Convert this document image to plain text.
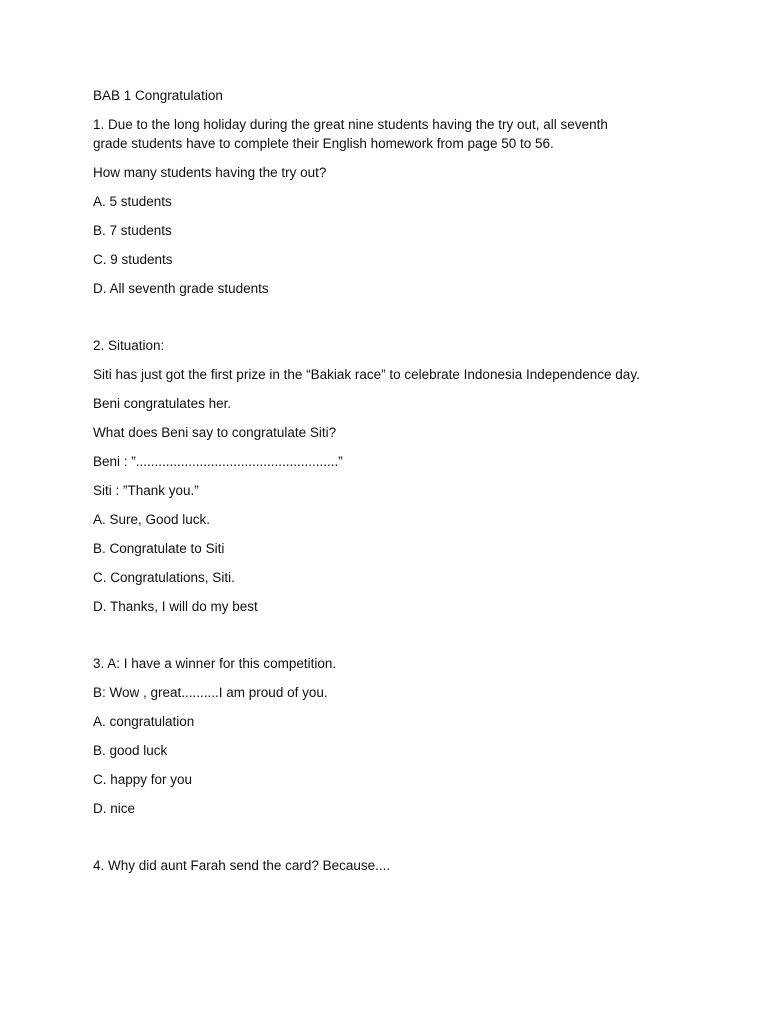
BAB 1 Congratulation

1. Due to the long holiday during the great nine students having the try out, all seventh

grade students have to complete their English homework from page 50 to 56.

How many students having the try out?

A. 5 students

B. 7 students

C. 9 students

D. All seventh grade students

2. Situation:

Siti has just got the first prize in the “Bakiak race” to celebrate Indonesia Independence day.

Beni congratulates her.

What does Beni say to congratulate Siti?

Beni : ”......................................................”

Siti : ”Thank you.”

A. Sure, Good luck.

B. Congratulate to Siti

C. Congratulations, Siti.

D. Thanks, I will do my best

3. A: I have a winner for this competition.

B: Wow , great..........I am proud of you.

A. congratulation

B. good luck

C. happy for you

D. nice

4. Why did aunt Farah send the card? Because....
